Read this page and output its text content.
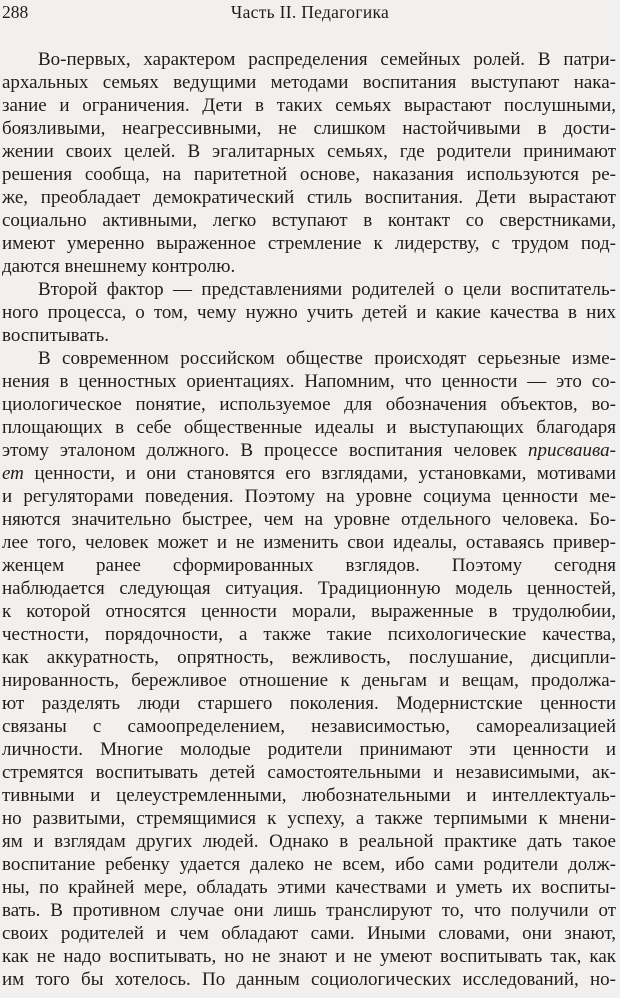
288	Часть II. Педагогика
Во-первых, характером распределения семейных ролей. В патри-
архальных семьях ведущими методами воспитания выступают нака-
зание и ограничения. Дети в таких семьях вырастают послушными,
боязливыми, неагрессивными, не слишком настойчивыми в дости-
жении своих целей. В эгалитарных семьях, где родители принимают
решения сообща, на паритетной основе, наказания используются ре-
же, преобладает демократический стиль воспитания. Дети вырастают
социально активными, легко вступают в контакт со сверстниками,
имеют умеренно выраженное стремление к лидерству, с трудом под-
даются внешнему контролю.
Второй фактор — представлениями родителей о цели воспитатель-
ного процесса, о том, чему нужно учить детей и какие качества в них
воспитывать.
В современном российском обществе происходят серьезные изме-
нения в ценностных ориентациях. Напомним, что ценности — это со-
циологическое понятие, используемое для обозначения объектов, во-
площающих в себе общественные идеалы и выступающих благодаря
этому эталоном должного. В процессе воспитания человек присваива-
ет ценности, и они становятся его взглядами, установками, мотивами
и регуляторами поведения. Поэтому на уровне социума ценности ме-
няются значительно быстрее, чем на уровне отдельного человека. Бо-
лее того, человек может и не изменить свои идеалы, оставаясь привер-
женцем ранее сформированных взглядов. Поэтому сегодня
наблюдается следующая ситуация. Традиционную модель ценностей,
к которой относятся ценности морали, выраженные в трудолюбии,
честности, порядочности, а также такие психологические качества,
как аккуратность, опрятность, вежливость, послушание, дисципли-
нированность, бережливое отношение к деньгам и вещам, продолжа-
ют разделять люди старшего поколения. Модернистские ценности
связаны с самоопределением, независимостью, самореализацией
личности. Многие молодые родители принимают эти ценности и
стремятся воспитывать детей самостоятельными и независимыми, ак-
тивными и целеустремленными, любознательными и интеллектуаль-
но развитыми, стремящимися к успеху, а также терпимыми к мнени-
ям и взглядам других людей. Однако в реальной практике дать такое
воспитание ребенку удается далеко не всем, ибо сами родители долж-
ны, по крайней мере, обладать этими качествами и уметь их воспиты-
вать. В противном случае они лишь транслируют то, что получили от
своих родителей и чем обладают сами. Иными словами, они знают,
как не надо воспитывать, но не знают и не умеют воспитывать так, как
им того бы хотелось. По данным социологических исследований, но-
